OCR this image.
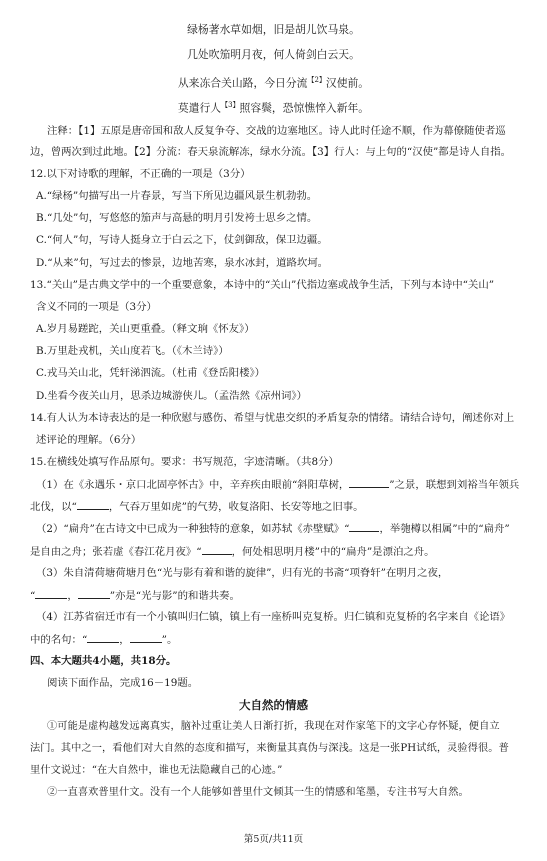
绿杨著水草如烟，旧是胡儿饮马泉。
几处吹笳明月夜，何人倚剑白云天。
从来冻合关山路，今日分流$^{【2】}$汉使前。
莫遣行人$^{【3】}$照容鬓，恐惊憔悴入新年。
注释：【1】五原是唐帝国和敌人反复争夺、交战的边塞地区。诗人此时任途不顺，作为幕僚随使者巡
边，曾两次到过此地。【2】分流：春天泉流解冻，绿水分流。【3】行人：与上句的“汉使”都是诗人自指。
12.以下对诗歌的理解，不正确的一项是（3分）
A.“绿杨”句描写出一片春景，写当下所见边疆风景生机勃勃。
B.“几处”句，写悠悠的笳声与高悬的明月引发袴士思乡之情。
C.“何人”句，写诗人挺身立于白云之下，仗剑御敌，保卫边疆。
D.“从来”句，写过去的惨景，边地苦寒，泉水冰封，道路坎坷。
13.“关山”是古典文学中的一个重要意象，本诗中的“关山”代指边塞或战争生活，下列与本诗中“关山”
含义不同的一项是（3分）
A.岁月易蹉跎，关山更重叠。（释文珦《怀友》）
B.万里赴戎机，关山度若飞。（《木兰诗》）
C.戎马关山北，凭轩涕泗流。（杜甫《登岳阳楼》）
D.坐看今夜关山月，思杀边城游侠儿。（孟浩然《凉州词》）
14.有人认为本诗表达的是一种欣慰与感伤、希望与忧患交织的矛盾复杂的情绪。请结合诗句，阐述你对上
述评论的理解。（6分）
15.在横线处填写作品原句。要求：书写规范，字迹清晰。（共8分）
（1）在《永遇乐・京口北固亭怀古》中，辛弃疾由眼前“斜阳草树，	”之景，联想到刘裕当年领兵
北伐，以“	，气吞万里如虎”的气势，收复洛阳、长安等地之旧事。
（2）“扁舟”在古诗文中已成为一种独特的意象，如苏轼《赤壁赋》“	，举匏樽以相属”中的“扁舟”
是自由之舟；张若虚《春江花月夜》“	，何处相思明月楼”中的“扁舟”是漂泊之舟。
（3）朱自清荷塘荷塘月色“光与影有着和谐的旋律”，归有光的书斋“项脊轩”在明月之夜，
“	，	”亦是“光与影”的和谐共奏。
（4）江苏省宿迁市有一个小镇叫归仁镇，镇上有一座桥叫克复桥。归仁镇和克复桥的名字来自《论语》
中的名句：“	，	”。
四、本大题共4小题，共18分。
阅读下面作品，完成16－19题。
大自然的情感
①可能是虚构越发远离真实，脑补过重让美人日渐打折，我现在对作家笔下的文字心存怀疑，便自立
法门。其中之一，看他们对大自然的态度和描写，来衡量其真伪与深浅。这是一张PH试纸，灵验得很。普
里什文说过：“在大自然中，谁也无法隐藏自己的心迹。”
②一直喜欢普里什文。没有一个人能够如普里什文倾其一生的情感和笔墨，专注书写大自然。
第5页/共11页
